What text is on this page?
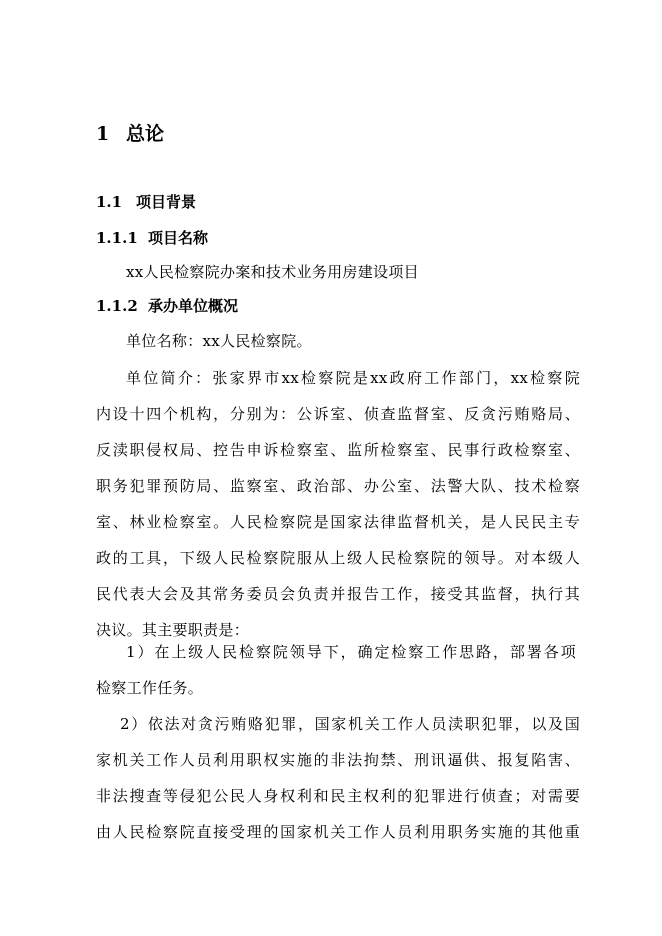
1 总论
1.1 项目背景
1.1.1 项目名称
xx人民检察院办案和技术业务用房建设项目
1.1.2 承办单位概况
单位名称：xx人民检察院。
单位简介：张家界市xx检察院是xx政府工作部门，xx检察院
内设十四个机构，分别为：公诉室、侦查监督室、反贪污贿赂局、
反渎职侵权局、控告申诉检察室、监所检察室、民事行政检察室、
职务犯罪预防局、监察室、政治部、办公室、法警大队、技术检察
室、林业检察室。人民检察院是国家法律监督机关，是人民民主专
政的工具，下级人民检察院服从上级人民检察院的领导。对本级人
民代表大会及其常务委员会负责并报告工作，接受其监督，执行其
决议。其主要职责是：
1）在上级人民检察院领导下，确定检察工作思路，部署各项
检察工作任务。
2）依法对贪污贿赂犯罪，国家机关工作人员渎职犯罪，以及国
家机关工作人员利用职权实施的非法拘禁、刑讯逼供、报复陷害、
非法搜查等侵犯公民人身权利和民主权利的犯罪进行侦查；对需要
由人民检察院直接受理的国家机关工作人员利用职务实施的其他重
